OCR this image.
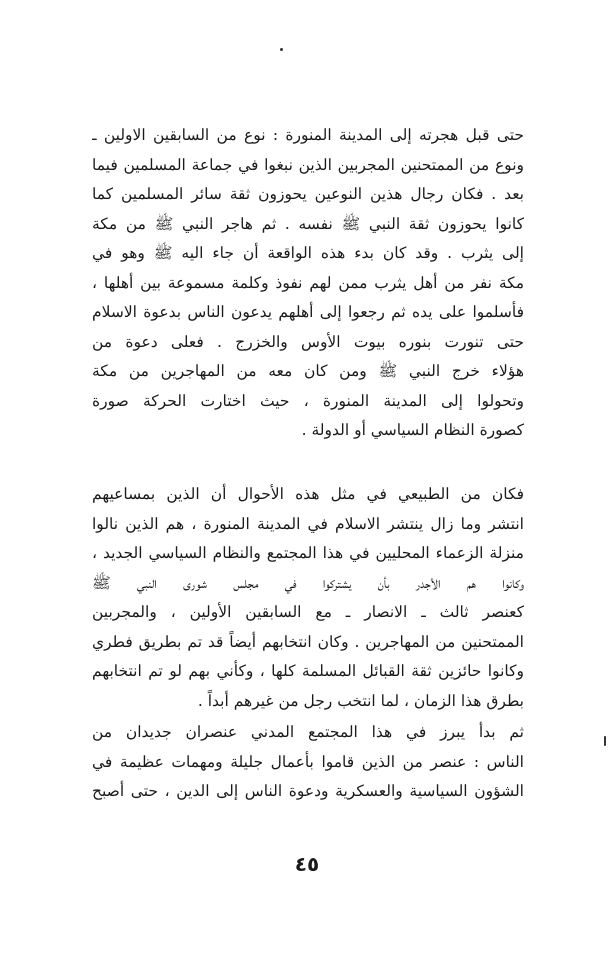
حتى قبل هجرته إلى المدينة المنورة : نوع من السابقين الاولين ـ
ونوع من الممتحنين المجربين الذين نبغوا في جماعة المسلمين فيما
بعد . فكان رجال هذين النوعين يحوزون ثقة سائر المسلمين كما
كانوا يحوزون ثقة النبي ﷺ نفسه . ثم هاجر النبي ﷺ من مكة
إلى يثرب . وقد كان بدء هذه الواقعة أن جاء اليه ﷺ وهو في
مكة نفر من أهل يثرب ممن لهم نفوذ وكلمة مسموعة بين أهلها ،
فأسلموا على يده ثم رجعوا إلى أهلهم يدعون الناس بدعوة الاسلام
حتى تنورت بنوره بيوت الأوس والخزرج . فعلى دعوة من
هؤلاء خرج النبي ﷺ ومن كان معه من المهاجرين من مكة
وتحولوا إلى المدينة المنورة ، حيث اختارت الحركة صورة
كصورة النظام السياسي أو الدولة .
فكان من الطبيعي في مثل هذه الأحوال أن الذين بمساعيهم
انتشر وما زال ينتشر الاسلام في المدينة المنورة ، هم الذين نالوا
منزلة الزعماء المحليين في هذا المجتمع والنظام السياسي الجديد ،
وكانوا هم الأجدر بأن يشتركوا في مجلس شورى النبي ﷺ
كعنصر ثالث ـ الانصار ـ مع السابقين الأولين ، والمجربين
الممتحنين من المهاجرين . وكان انتخابهم أيضاً قد تم بطريق فطري
وكانوا حائزين ثقة القبائل المسلمة كلها ، وكأني بهم لو تم انتخابهم
بطرق هذا الزمان ، لما انتخب رجل من غيرهم أبداً .
ثم بدأ يبرز في هذا المجتمع المدني عنصران جديدان من
الناس : عنصر من الذين قاموا بأعمال جليلة ومهمات عظيمة في
الشؤون السياسية والعسكرية ودعوة الناس إلى الدين ، حتى أصبح
٤٥
